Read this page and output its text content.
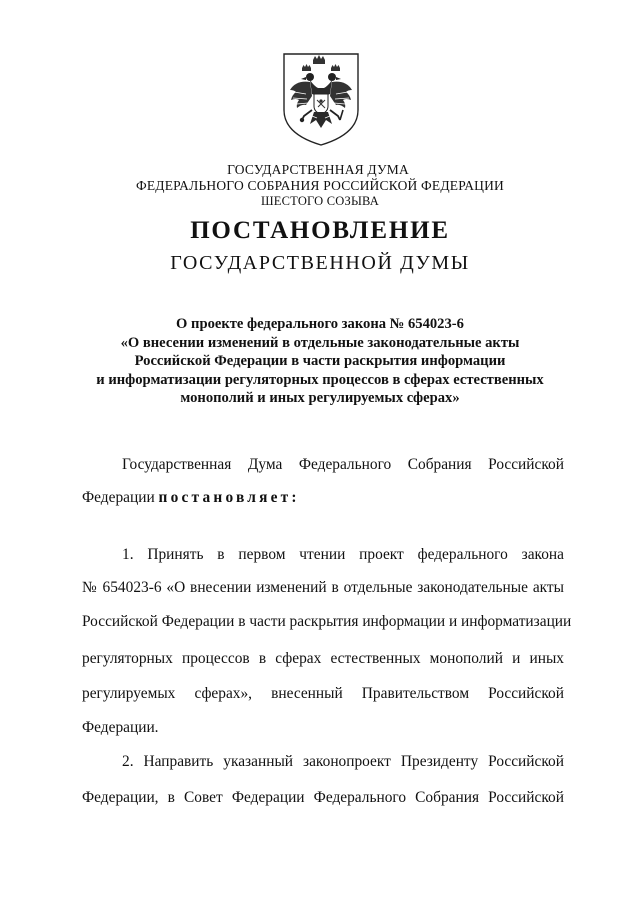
ГОСУДАРСТВЕННАЯ ДУМА
ФЕДЕРАЛЬНОГО СОБРАНИЯ РОССИЙСКОЙ ФЕДЕРАЦИИ
ШЕСТОГО СОЗЫВА
ПОСТАНОВЛЕНИЕ
ГОСУДАРСТВЕННОЙ ДУМЫ
О проекте федерального закона № 654023-6
«О внесении изменений в отдельные законодательные акты
Российской Федерации в части раскрытия информации
и информатизации регуляторных процессов в сферах естественных
монополий и иных регулируемых сферах»
Государственная Дума Федерального Собрания Российской
Федерации постановляет:
1. Принять в первом чтении проект федерального закона
№ 654023-6 «О внесении изменений в отдельные законодательные акты
Российской Федерации в части раскрытия информации и информатизации
регуляторных процессов в сферах естественных монополий и иных
регулируемых сферах», внесенный Правительством Российской
Федерации.
2. Направить указанный законопроект Президенту Российской
Федерации, в Совет Федерации Федерального Собрания Российской
